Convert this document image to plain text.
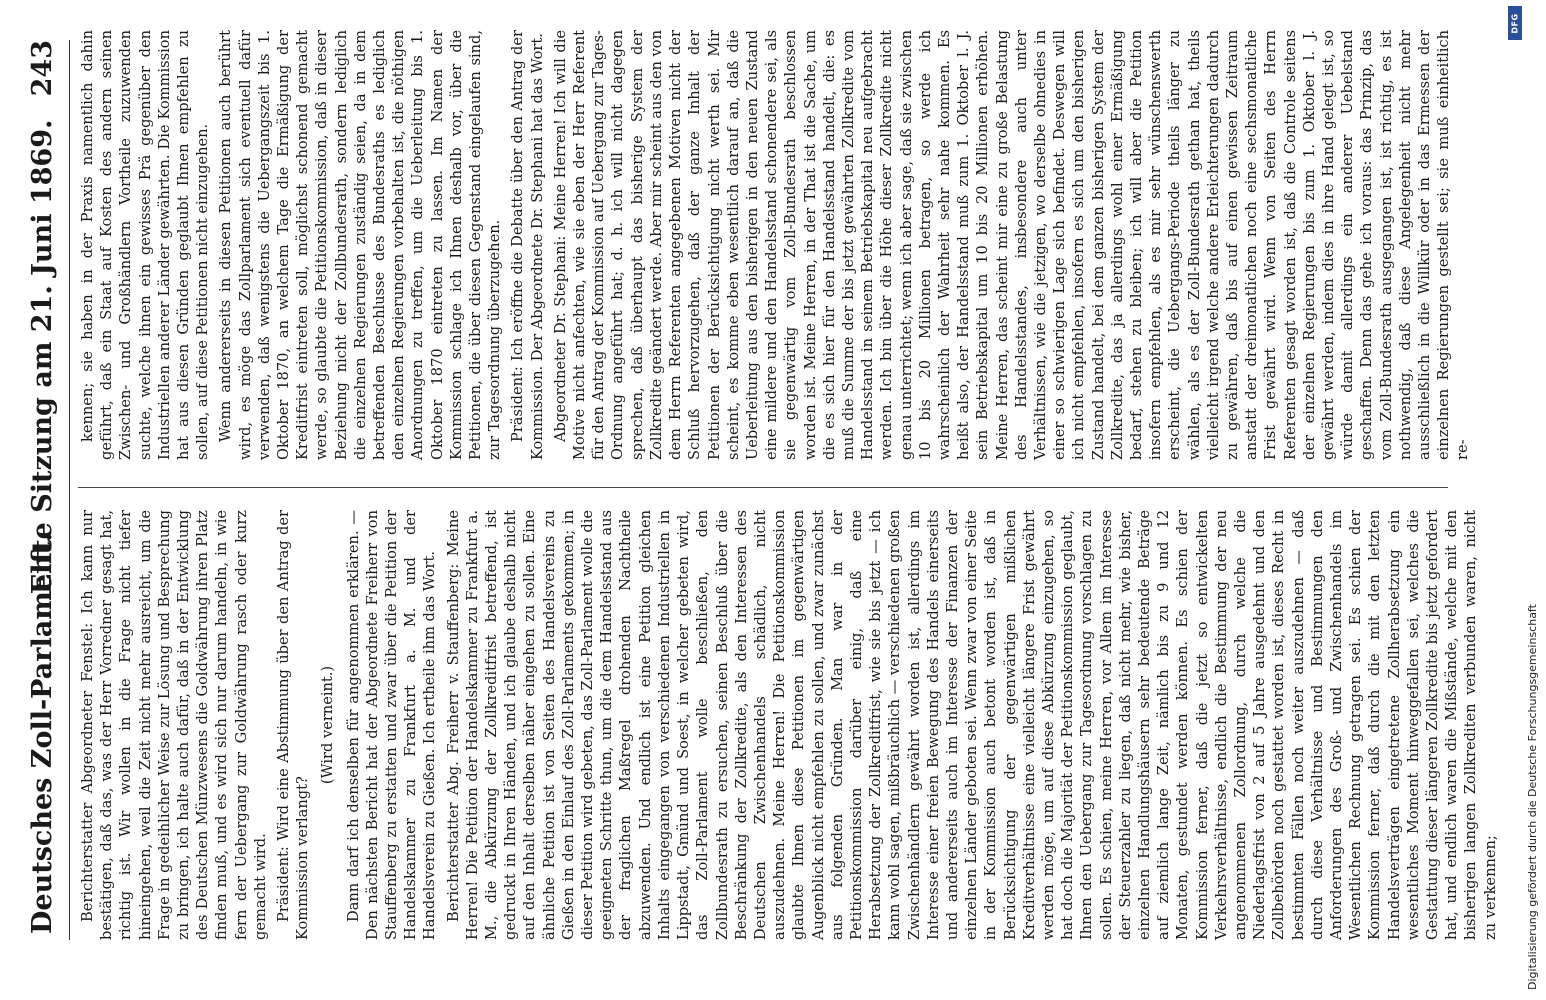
Berichterstatter Abgeordneter Fenstel: Ich kann nur bestätigen, daß das, was der Herr Vorredner gesagt hat, richtig ist. Wir wollen in die Frage nicht tiefer hineingehen, weil die Zeit nicht mehr ausreicht, um die Frage in gedeihlicher Weise zur Lösung und Besprechung zu bringen, ich halte auch dafür, daß in der Entwicklung des Deutschen Münzwesens die Goldwährung ihren Platz finden muß, und es wird sich nur darum handeln, in wie fern der Uebergang zur Goldwährung rasch oder kurz gemacht wird. Präsident: Wird eine Abstimmung über den Antrag der Kommission verlangt?

(Wird verneint.) Dann darf ich denselben für angenommen erklären. — Den nächsten Bericht hat der Abgeordnete Freiherr von Stauffenberg zu erstatten und zwar über die Petition der Handelskammer zu Frankfurt a. M. und der Handelsverein zu Gießen. Ich ertheile ihm das Wort. Berichterstatter Abg. Freiherr v. Stauffenberg: Meine Herren! Die Petition der Handelskammer zu Frankfurt a. M., die Abkürzung der Zollkreditfrist betreffend, ist gedruckt in Ihren Händen, und ich glaube deshalb nicht auf den Inhalt derselben näher eingehen zu sollen. Eine ähnliche Petition ist von Seiten des Handelsvereins zu Gießen in den Einlauf des Zoll-Parlaments gekommen; in dieser Petition wird gebeten, das Zoll-Parlament wolle die geeigneten Schritte thun, um die dem Handelsstand aus der fraglichen Maßregel drohenden Nachtheile abzuwenden. Und endlich ist eine Petition gleichen Inhalts eingegangen von verschiedenen Industriellen in Lippstadt, Gmünd und Soest, in welcher gebeten wird, das Zoll-Parlament wolle beschließen, den Zollbundesrath zu ersuchen, seinen Beschluß über die Beschränkung der Zollkredite, als den Interessen des Deutschen Zwischenhandels schädlich, nicht auszudehnen. Meine Herren! Die Petitionskommission glaubte Ihnen diese Petitionen im gegenwärtigen Augenblick nicht empfehlen zu sollen, und zwar zunächst aus folgenden Gründen. Man war in der Petitionskommission darüber einig, daß eine Herabsetzung der Zollkreditfrist, wie sie bis jetzt — ich kann wohl sagen, mißbräuchlich — verschiedenen großen Zwischenhändlern gewährt worden ist, allerdings im Interesse einer freien Bewegung des Handels einerseits und andererseits auch im Interesse der Finanzen der einzelnen Länder geboten sei. Wenn zwar von einer Seite in der Kommission auch betont worden ist, daß in Berücksichtigung der gegenwärtigen mißlichen Kreditverhältnisse eine vielleicht längere Frist gewährt werden möge, um auf diese Abkürzung einzugehen, so hat doch die Majorität der Petitionskommission geglaubt, Ihnen den Uebergang zur Tagesordnung vorschlagen zu sollen. Es schien, meine Herren, vor Allem im Interesse der Steuerzahler zu liegen, daß nicht mehr, wie bisher, einzelnen Handlungshäusern sehr bedeutende Beträge auf ziemlich lange Zeit, nämlich bis zu 9 und 12 Monaten, gestundet werden können. Es schien der Kommission ferner, daß die jetzt so entwickelten Verkehrsverhältnisse, endlich die Bestimmung der neu angenommenen Zollordnung, durch welche die Niederlagsfrist von 2 auf 5 Jahre ausgedehnt und den Zollbehörden noch gestattet worden ist, dieses Recht in bestimmten Fällen noch weiter auszudehnen — daß durch diese Verhältnisse und Bestimmungen den Anforderungen des Groß- und Zwischenhandels im Wesentlichen Rechnung getragen sei. Es schien der Kommission ferner, daß durch die mit den letzten Handelsverträgen eingetretene Zollherabsetzung ein wesentliches Moment hinweggefallen sei, welches die Gestattung dieser längeren Zollkredite bis jetzt gefordert hat, und endlich waren die Mißstände, welche mit den bisherigen langen Zollkrediten verbunden waren, nicht zu verkennen;

kennen; sie haben in der Praxis namentlich dahin geführt, daß ein Staat auf Kosten des andern seinen Zwischen- und Großhändlern Vortheile zuzuwenden suchte, welche ihnen ein gewisses Prä gegenüber den Industriellen anderer Länder gewährten. Die Kommission hat aus diesen Gründen geglaubt Ihnen empfehlen zu sollen, auf diese Petitionen nicht einzugehen. Wenn andererseits in diesen Petitionen auch berührt wird, es möge das Zollparlament sich eventuell dafür verwenden, daß wenigstens die Uebergangszeit bis 1. Oktober 1870, an welchem Tage die Ermäßigung der Kreditfrist eintreten soll, möglichst schonend gemacht werde, so glaubte die Petitionskommission, daß in dieser Beziehung nicht der Zollbundesrath, sondern lediglich die einzelnen Regierungen zuständig seien, da in dem betreffenden Beschlusse des Bundesraths es lediglich den einzelnen Regierungen vorbehalten ist, die nöthigen Anordnungen zu treffen, um die Ueberleitung bis 1. Oktober 1870 eintreten zu lassen. Im Namen der Kommission schlage ich Ihnen deshalb vor, über die Petitionen, die über diesen Gegenstand eingelaufen sind, zur Tagesordnung überzugehen. Präsident: Ich eröffne die Debatte über den Antrag der Kommission. Der Abgeordnete Dr. Stephani hat das Wort. Abgeordneter Dr. Stephani: Meine Herren! Ich will die Motive nicht anfechten, wie sie eben der Herr Referent für den Antrag der Kommission auf Uebergang zur Tages-Ordnung angeführt hat; d. h. ich will nicht dagegen sprechen, daß überhaupt das bisherige System der Zollkredite geändert werde. Aber mir scheint aus den von dem Herrn Referenten angegebenen Motiven nicht der Schluß hervorzugehen, daß der ganze Inhalt der Petitionen der Berücksichtigung nicht werth sei. Mir scheint, es komme eben wesentlich darauf an, daß die Ueberleitung aus den bisherigen in den neuen Zustand eine mildere und den Handelsstand schonendere sei, als sie gegenwärtig vom Zoll-Bundesrath beschlossen worden ist. Meine Herren, in der That ist die Sache, um die es sich hier für den Handelsstand handelt, die: es muß die Summe der bis jetzt gewährten Zollkredite vom Handelsstand in seinem Betriebskapital neu aufgebracht werden. Ich bin über die Höhe dieser Zollkredite nicht genau unterrichtet; wenn ich aber sage, daß sie zwischen 10 bis 20 Millionen betragen, so werde ich wahrscheinlich der Wahrheit sehr nahe kommen. Es heißt also, der Handelsstand muß zum 1. Oktober l. J. sein Betriebskapital um 10 bis 20 Millionen erhöhen. Meine Herren, das scheint mir eine zu große Belastung des Handelsstandes, insbesondere auch unter Verhältnissen, wie die jetzigen, wo derselbe ohnedies in einer so schwierigen Lage sich befindet. Deswegen will ich nicht empfehlen, insofern es sich um den bisherigen Zustand handelt, bei dem ganzen bisherigen System der Zollkredite, das ja allerdings wohl einer Ermäßigung bedarf, stehen zu bleiben; ich will aber die Petition insofern empfehlen, als es mir sehr wünschenswerth erscheint, die Uebergangs-Periode theils länger zu wählen, als es der Zoll-Bundesrath gethan hat, theils vielleicht irgend welche andere Erleichterungen dadurch zu gewähren, daß bis auf einen gewissen Zeitraum anstatt der dreimonatlichen noch eine sechsmonatliche Frist gewährt wird. Wenn von Seiten des Herrn Referenten gesagt worden ist, daß die Controle seitens der einzelnen Regierungen bis zum 1. Oktober l. J. gewährt werden, indem dies in ihre Hand gelegt ist, so würde damit allerdings ein anderer Uebelstand geschaffen. Denn das gehe ich voraus: das Prinzip, das vom Zoll-Bundesrath ausgegangen ist, ist richtig, es ist nothwendig, daß diese Angelegenheit nicht mehr ausschließlich in die Willkür oder in das Ermessen der einzelnen Regierungen gestellt sei; sie muß einheitlich re-

Deutsches Zoll-Parlament.
Elfte Sitzung am 21. Juni 1869.
243
Digitalisierung gefördert durch die Deutsche Forschungsgemeinschaft
DFG
